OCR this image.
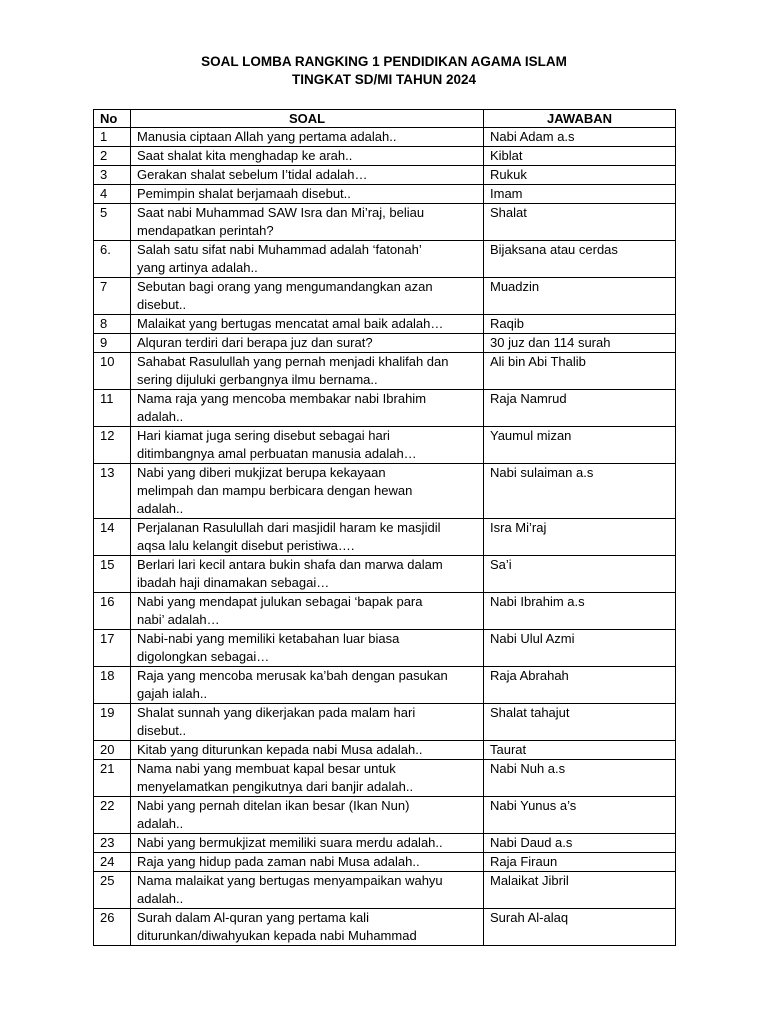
SOAL LOMBA RANGKING 1 PENDIDIKAN AGAMA ISLAM
TINGKAT SD/MI TAHUN 2024
No	SOAL	JAWABAN
1	Manusia ciptaan Allah yang pertama adalah..	Nabi Adam a.s
2	Saat shalat kita menghadap ke arah..	Kiblat
3	Gerakan shalat sebelum I’tidal adalah…	Rukuk
4	Pemimpin shalat berjamaah disebut..	Imam
5	Saat nabi Muhammad SAW Isra dan Mi’raj, beliau
mendapatkan perintah?	Shalat
6.	Salah satu sifat nabi Muhammad adalah ‘fatonah’
yang artinya adalah..	Bijaksana atau cerdas
7	Sebutan bagi orang yang mengumandangkan azan
disebut..	Muadzin
8	Malaikat yang bertugas mencatat amal baik adalah…	Raqib
9	Alquran terdiri dari berapa juz dan surat?	30 juz dan 114 surah
10	Sahabat Rasulullah yang pernah menjadi khalifah dan
sering dijuluki gerbangnya ilmu bernama..	Ali bin Abi Thalib
11	Nama raja yang mencoba membakar nabi Ibrahim
adalah..	Raja Namrud
12	Hari kiamat juga sering disebut sebagai hari
ditimbangnya amal perbuatan manusia adalah…	Yaumul mizan
13	Nabi yang diberi mukjizat berupa kekayaan
melimpah dan mampu berbicara dengan hewan
adalah..	Nabi sulaiman a.s
14	Perjalanan Rasulullah dari masjidil haram ke masjidil
aqsa lalu kelangit disebut peristiwa….	Isra Mi’raj
15	Berlari lari kecil antara bukin shafa dan marwa dalam
ibadah haji dinamakan sebagai…	Sa’i
16	Nabi yang mendapat julukan sebagai ‘bapak para
nabi’ adalah…	Nabi Ibrahim a.s
17	Nabi-nabi yang memiliki ketabahan luar biasa
digolongkan sebagai…	Nabi Ulul Azmi
18	Raja yang mencoba merusak ka’bah dengan pasukan
gajah ialah..	Raja Abrahah
19	Shalat sunnah yang dikerjakan pada malam hari
disebut..	Shalat tahajut
20	Kitab yang diturunkan kepada nabi Musa adalah..	Taurat
21	Nama nabi yang membuat kapal besar untuk
menyelamatkan pengikutnya dari banjir adalah..	Nabi Nuh a.s
22	Nabi yang pernah ditelan ikan besar (Ikan Nun)
adalah..	Nabi Yunus a’s
23	Nabi yang bermukjizat memiliki suara merdu adalah..	Nabi Daud a.s
24	Raja yang hidup pada zaman nabi Musa adalah..	Raja Firaun
25	Nama malaikat yang bertugas menyampaikan wahyu
adalah..	Malaikat Jibril
26	Surah dalam Al-quran yang pertama kali
diturunkan/diwahyukan kepada nabi Muhammad	Surah Al-alaq
